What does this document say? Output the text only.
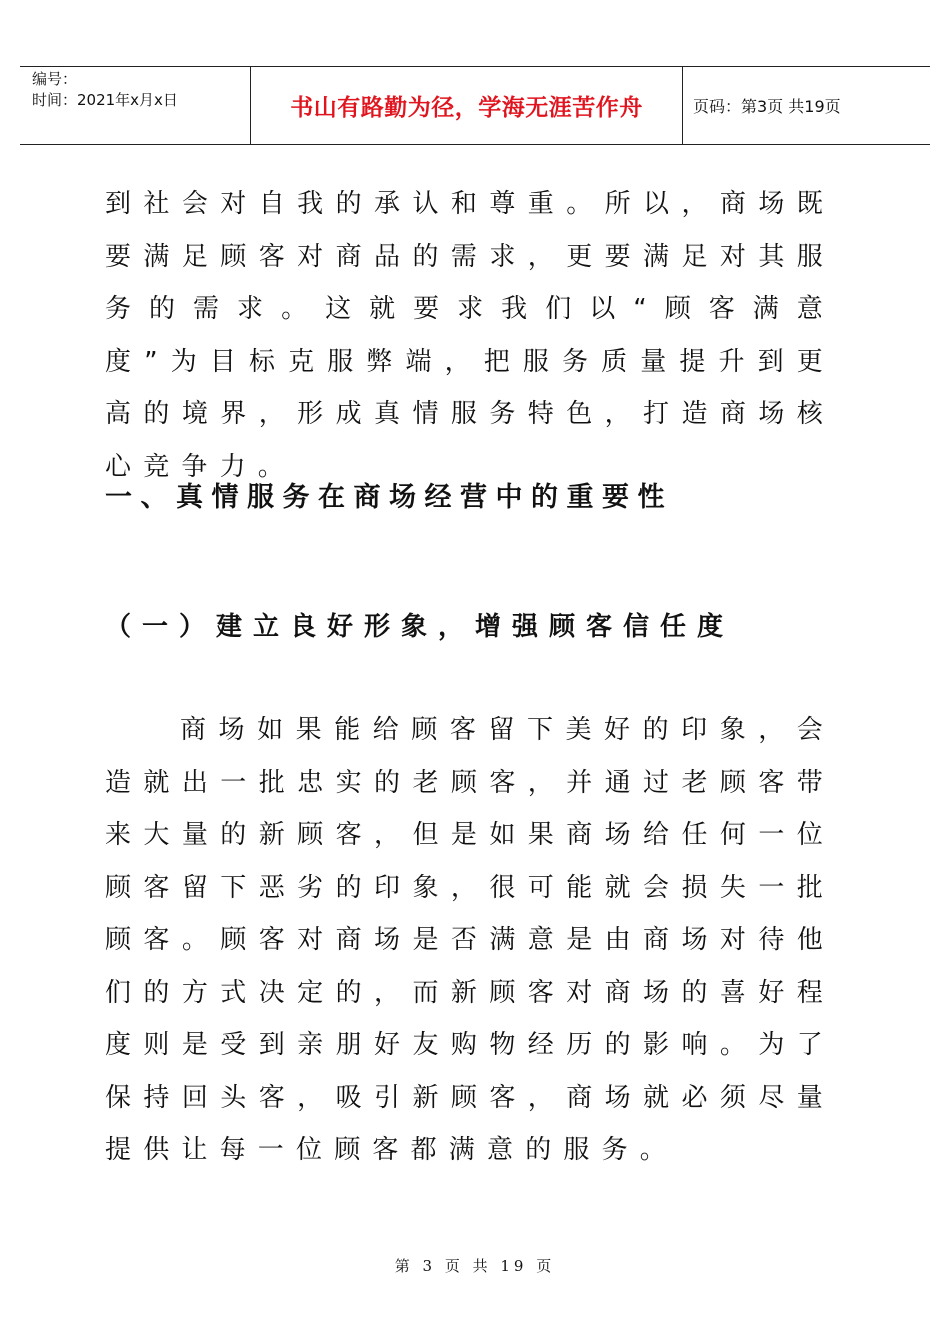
编号：
时间：2021年x月x日	书山有路勤为径，学海无涯苦作舟	页码：第3页 共19页

到社会对自我的承认和尊重。所以，商场既要满足顾客对商品的需求，更要满足对其服务的需求。这就要求我们以“顾客满意度”为目标克服弊端，把服务质量提升到更高的境界，形成真情服务特色，打造商场核心竞争力。

一、真情服务在商场经营中的重要性
（一）建立良好形象，增强顾客信任度

商场如果能给顾客留下美好的印象，会造就出一批忠实的老顾客，并通过老顾客带来大量的新顾客，但是如果商场给任何一位顾客留下恶劣的印象，很可能就会损失一批顾客。顾客对商场是否满意是由商场对待他们的方式决定的，而新顾客对商场的喜好程度则是受到亲朋好友购物经历的影响。为了保持回头客，吸引新顾客，商场就必须尽量提供让每一位顾客都满意的服务。

第 3 页 共 19 页
